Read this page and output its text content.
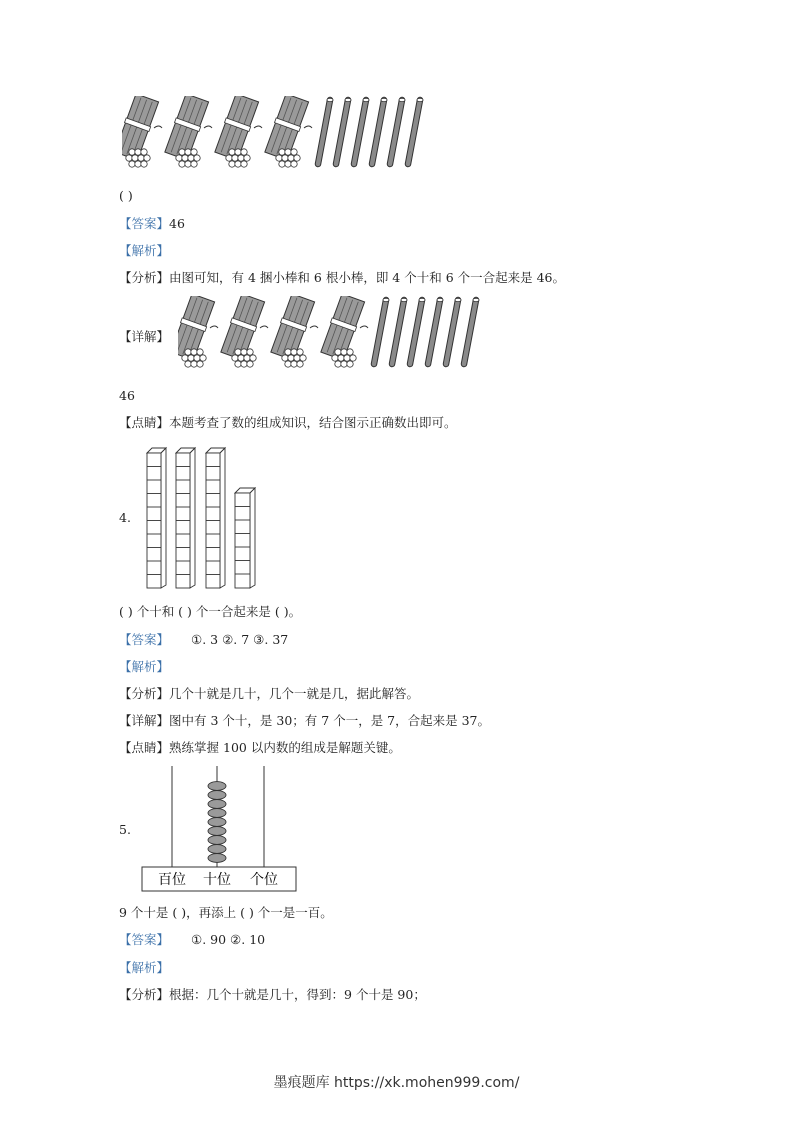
( )
【答案】46
【解析】
【分析】由图可知，有 4 捆小棒和 6 根小棒，即 4 个十和 6 个一合起来是 46。
【详解】
46
【点睛】本题考查了数的组成知识，结合图示正确数出即可。
4.
( ) 个十和 ( ) 个一合起来是 ( )。
【答案】 ①. 3 ②. 7 ③. 37
【解析】
【分析】几个十就是几十，几个一就是几，据此解答。
【详解】图中有 3 个十，是 30；有 7 个一，是 7，合起来是 37。
【点睛】熟练掌握 100 以内数的组成是解题关键。
5.
百位 十位 个位
9 个十是 ( )，再添上 ( ) 个一是一百。
【答案】 ①. 90 ②. 10
【解析】
【分析】根据：几个十就是几十，得到：9 个十是 90；
墨痕题库 https://xk.mohen999.com/
